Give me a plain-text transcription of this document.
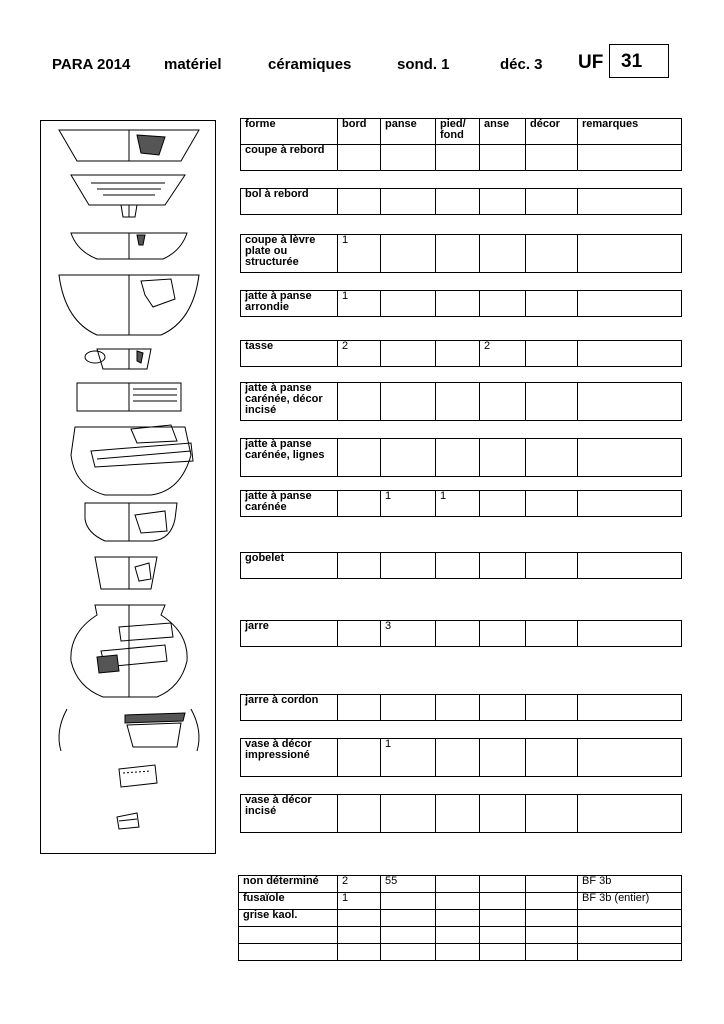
PARA 2014 matériel	céramiques	sond. 1	déc. 3 UF 31
forme	bord	panse	pied/ fond	anse	décor	remarques
coupe à rebord						

bol à rebord						

coupe à lèvre plate ou structurée	1					

jatte à panse arrondie	1					

tasse	2			2		

jatte à panse carénée, décor incisé						

jatte à panse carénée, lignes						

jatte à panse carénée		1	1			

gobelet						

jarre		3				

jarre à cordon						

vase à décor impressioné		1				

vase à décor incisé						
non déterminé	2	55				BF 3b
fusaïole	1					BF 3b (entier)
grise kaol.						
